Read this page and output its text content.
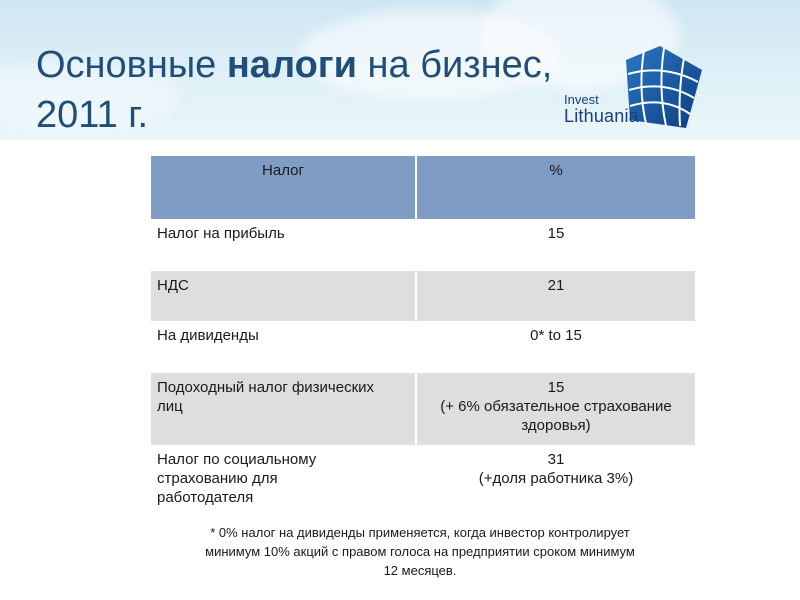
Основные налоги на бизнес,
2011 г.	Invest
Lithuania
Налог	%
Налог на прибыль	15
НДС	21
На дивиденды	0* to 15
Подоходный налог физических лиц	15
(+ 6% обязательное страхование здоровья)
Налог по социальному страхованию для работодателя	31
(+доля работника 3%)
* 0% налог на дивиденды применяется, когда инвестор контролирует минимум 10% акций с правом голоса на предприятии сроком минимум 12 месяцев.
